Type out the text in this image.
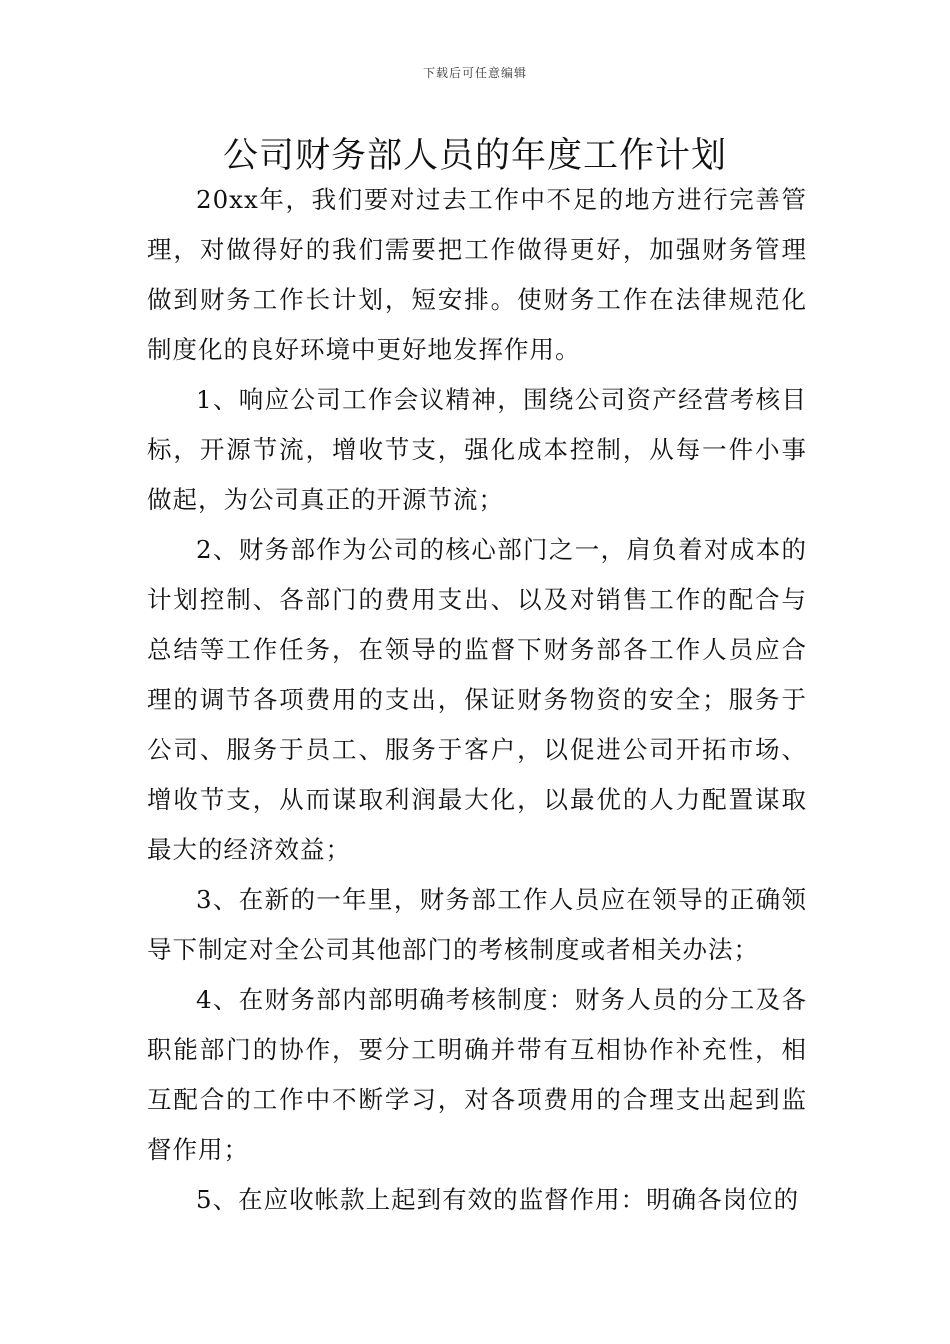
下载后可任意编辑
公司财务部人员的年度工作计划

20xx年，我们要对过去工作中不足的地方进行完善管理，对做得好的我们需要把工作做得更好，加强财务管理做到财务工作长计划，短安排。使财务工作在法律规范化制度化的良好环境中更好地发挥作用。

1、响应公司工作会议精神，围绕公司资产经营考核目标，开源节流，增收节支，强化成本控制，从每一件小事做起，为公司真正的开源节流；

2、财务部作为公司的核心部门之一，肩负着对成本的计划控制、各部门的费用支出、以及对销售工作的配合与总结等工作任务，在领导的监督下财务部各工作人员应合理的调节各项费用的支出，保证财务物资的安全；服务于公司、服务于员工、服务于客户，以促进公司开拓市场、增收节支，从而谋取利润最大化，以最优的人力配置谋取最大的经济效益；

3、在新的一年里，财务部工作人员应在领导的正确领导下制定对全公司其他部门的考核制度或者相关办法；

4、在财务部内部明确考核制度：财务人员的分工及各职能部门的协作，要分工明确并带有互相协作补充性，相互配合的工作中不断学习，对各项费用的合理支出起到监督作用；

5、在应收帐款上起到有效的监督作用：明确各岗位的
